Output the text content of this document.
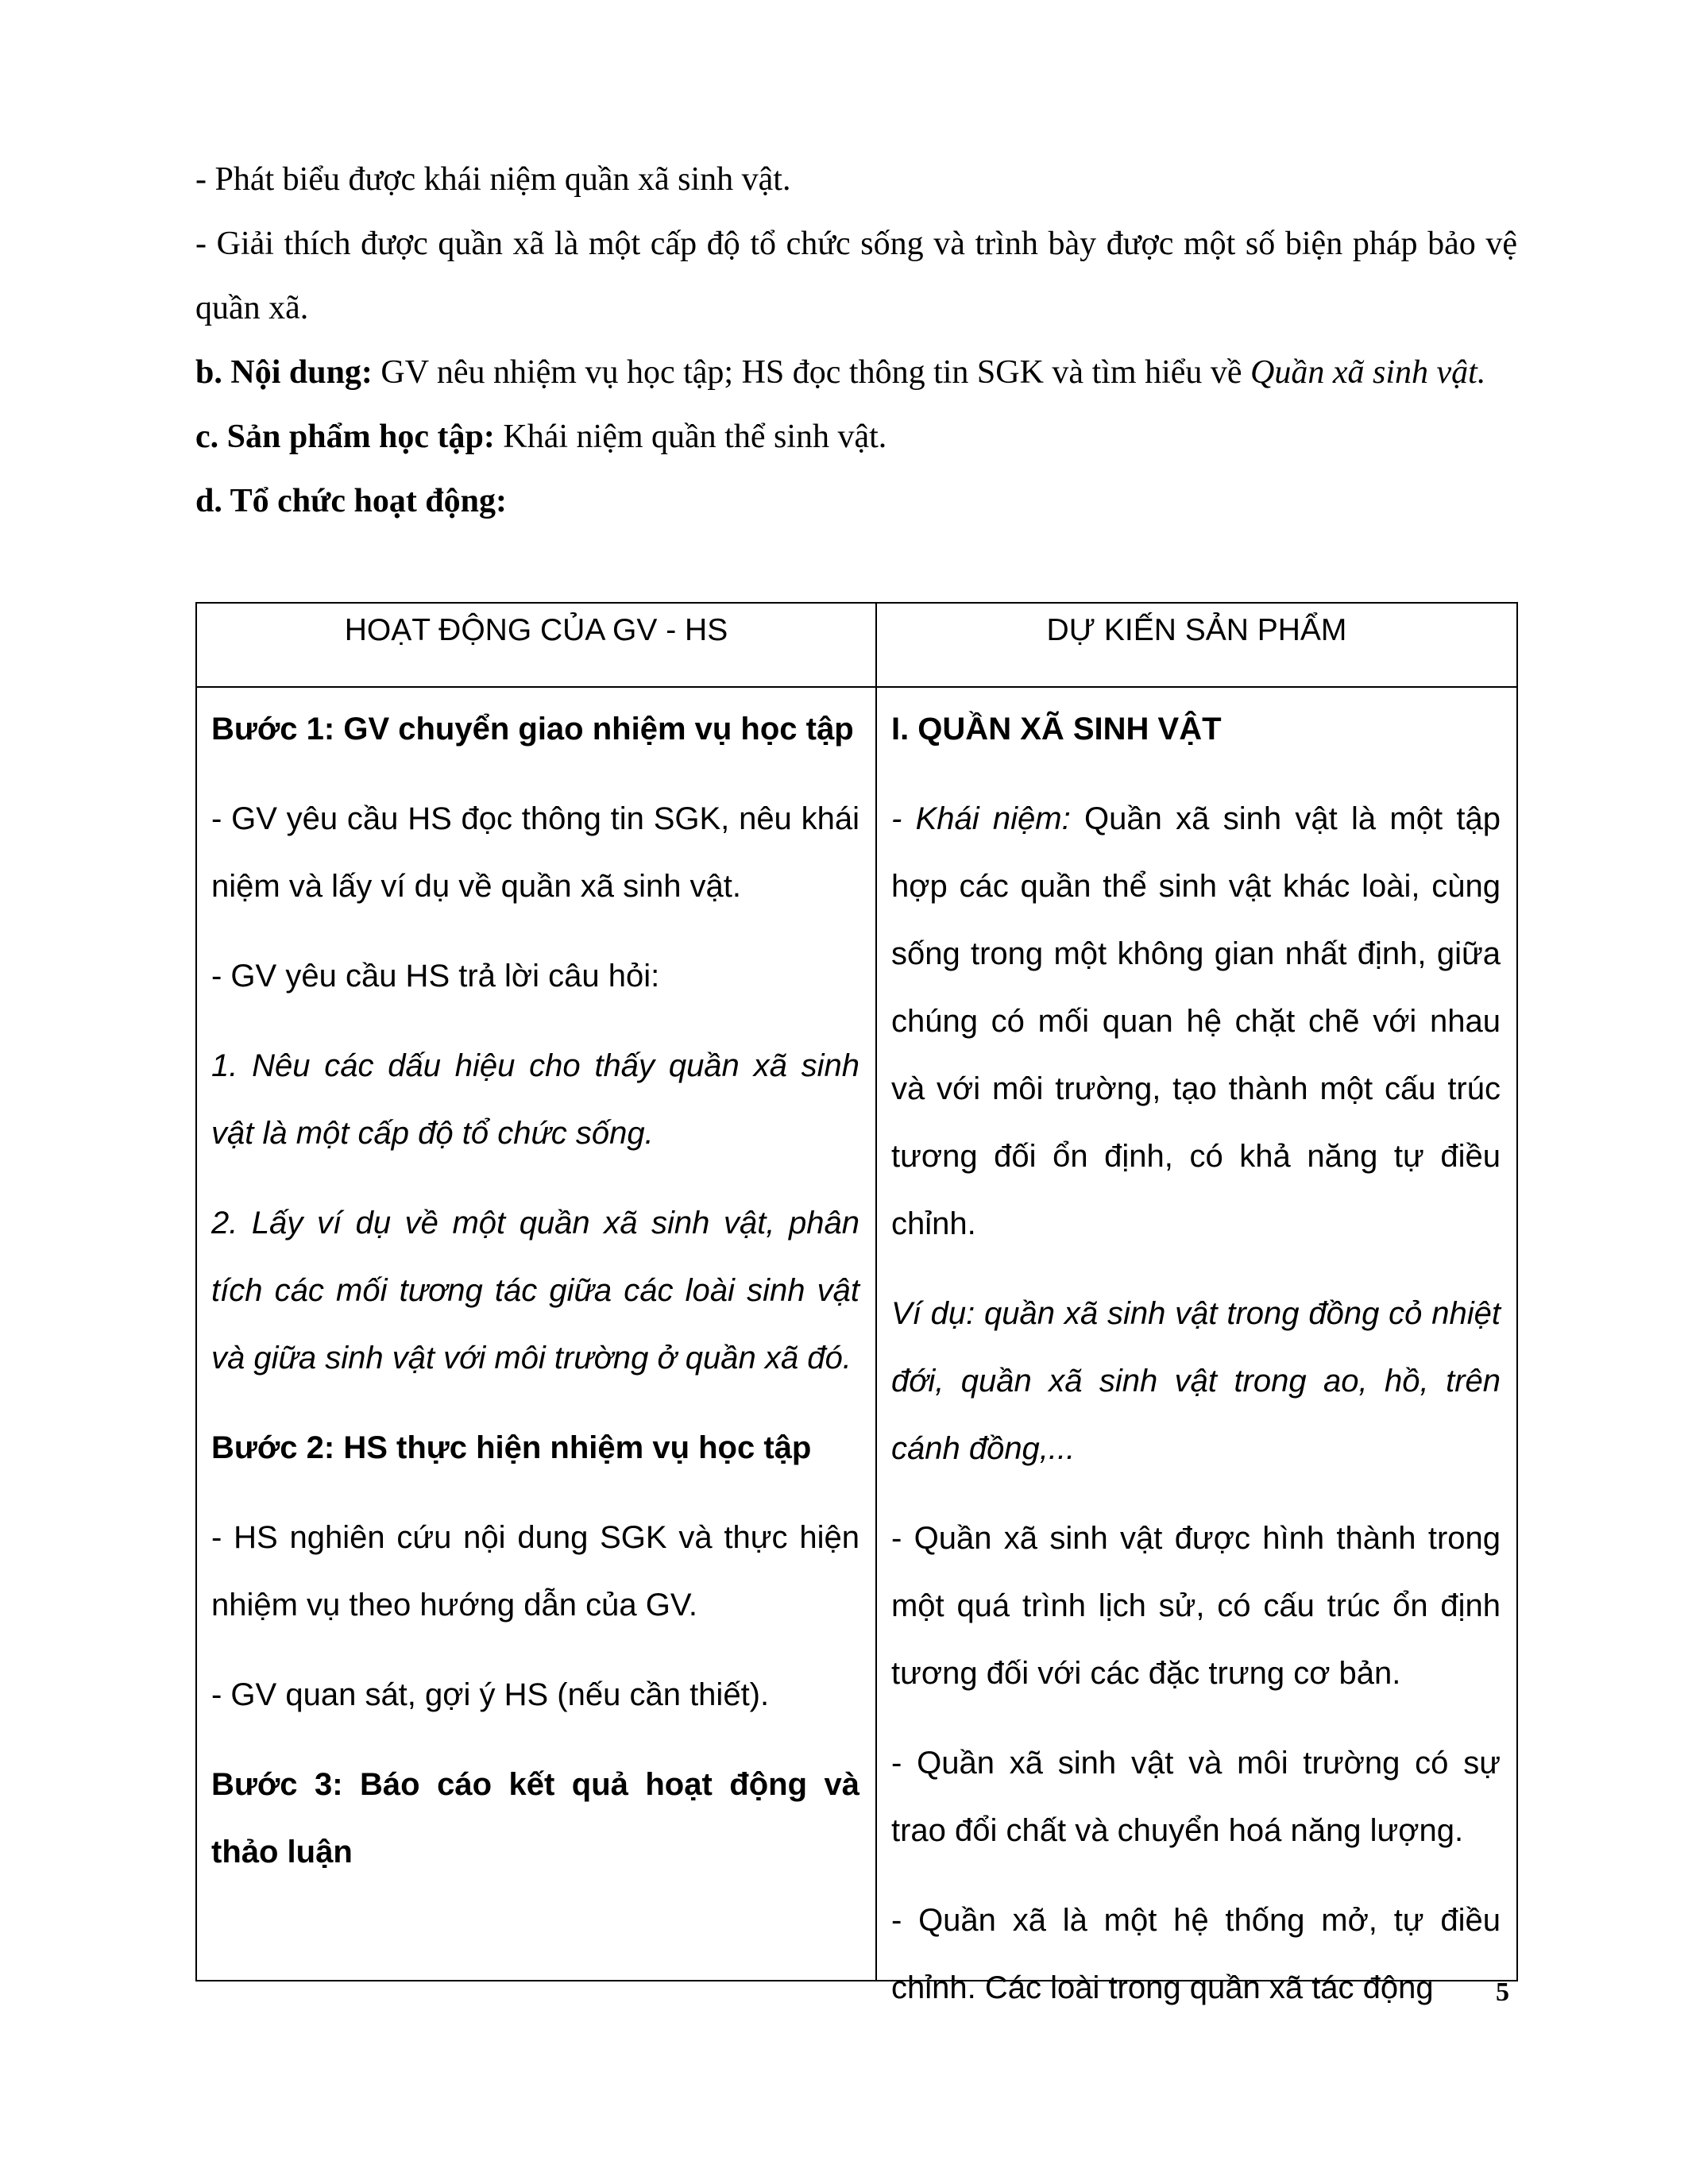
- Phát biểu được khái niệm quần xã sinh vật.

- Giải thích được quần xã là một cấp độ tổ chức sống và trình bày được một số biện pháp bảo vệ quần xã.

b. Nội dung: GV nêu nhiệm vụ học tập; HS đọc thông tin SGK và tìm hiểu về Quần xã sinh vật.

c. Sản phẩm học tập: Khái niệm quần thể sinh vật.

d. Tổ chức hoạt động:

HOẠT ĐỘNG CỦA GV - HS	DỰ KIẾN SẢN PHẨM

Bước 1: GV chuyển giao nhiệm vụ học tập

- GV yêu cầu HS đọc thông tin SGK, nêu khái niệm và lấy ví dụ về quần xã sinh vật.

- GV yêu cầu HS trả lời câu hỏi:

1. Nêu các dấu hiệu cho thấy quần xã sinh vật là một cấp độ tổ chức sống.

2. Lấy ví dụ về một quần xã sinh vật, phân tích các mối tương tác giữa các loài sinh vật và giữa sinh vật với môi trường ở quần xã đó.

Bước 2: HS thực hiện nhiệm vụ học tập

- HS nghiên cứu nội dung SGK và thực hiện nhiệm vụ theo hướng dẫn của GV.

- GV quan sát, gợi ý HS (nếu cần thiết).

Bước 3: Báo cáo kết quả hoạt động và thảo luận

I. QUẦN XÃ SINH VẬT

- Khái niệm: Quần xã sinh vật là một tập hợp các quần thể sinh vật khác loài, cùng sống trong một không gian nhất định, giữa chúng có mối quan hệ chặt chẽ với nhau và với môi trường, tạo thành một cấu trúc tương đối ổn định, có khả năng tự điều chỉnh.

Ví dụ: quần xã sinh vật trong đồng cỏ nhiệt đới, quần xã sinh vật trong ao, hồ, trên cánh đồng,...

- Quần xã sinh vật được hình thành trong một quá trình lịch sử, có cấu trúc ổn định tương đối với các đặc trưng cơ bản.

- Quần xã sinh vật và môi trường có sự trao đổi chất và chuyển hoá năng lượng.

- Quần xã là một hệ thống mở, tự điều chỉnh. Các loài trong quần xã tác động	5
